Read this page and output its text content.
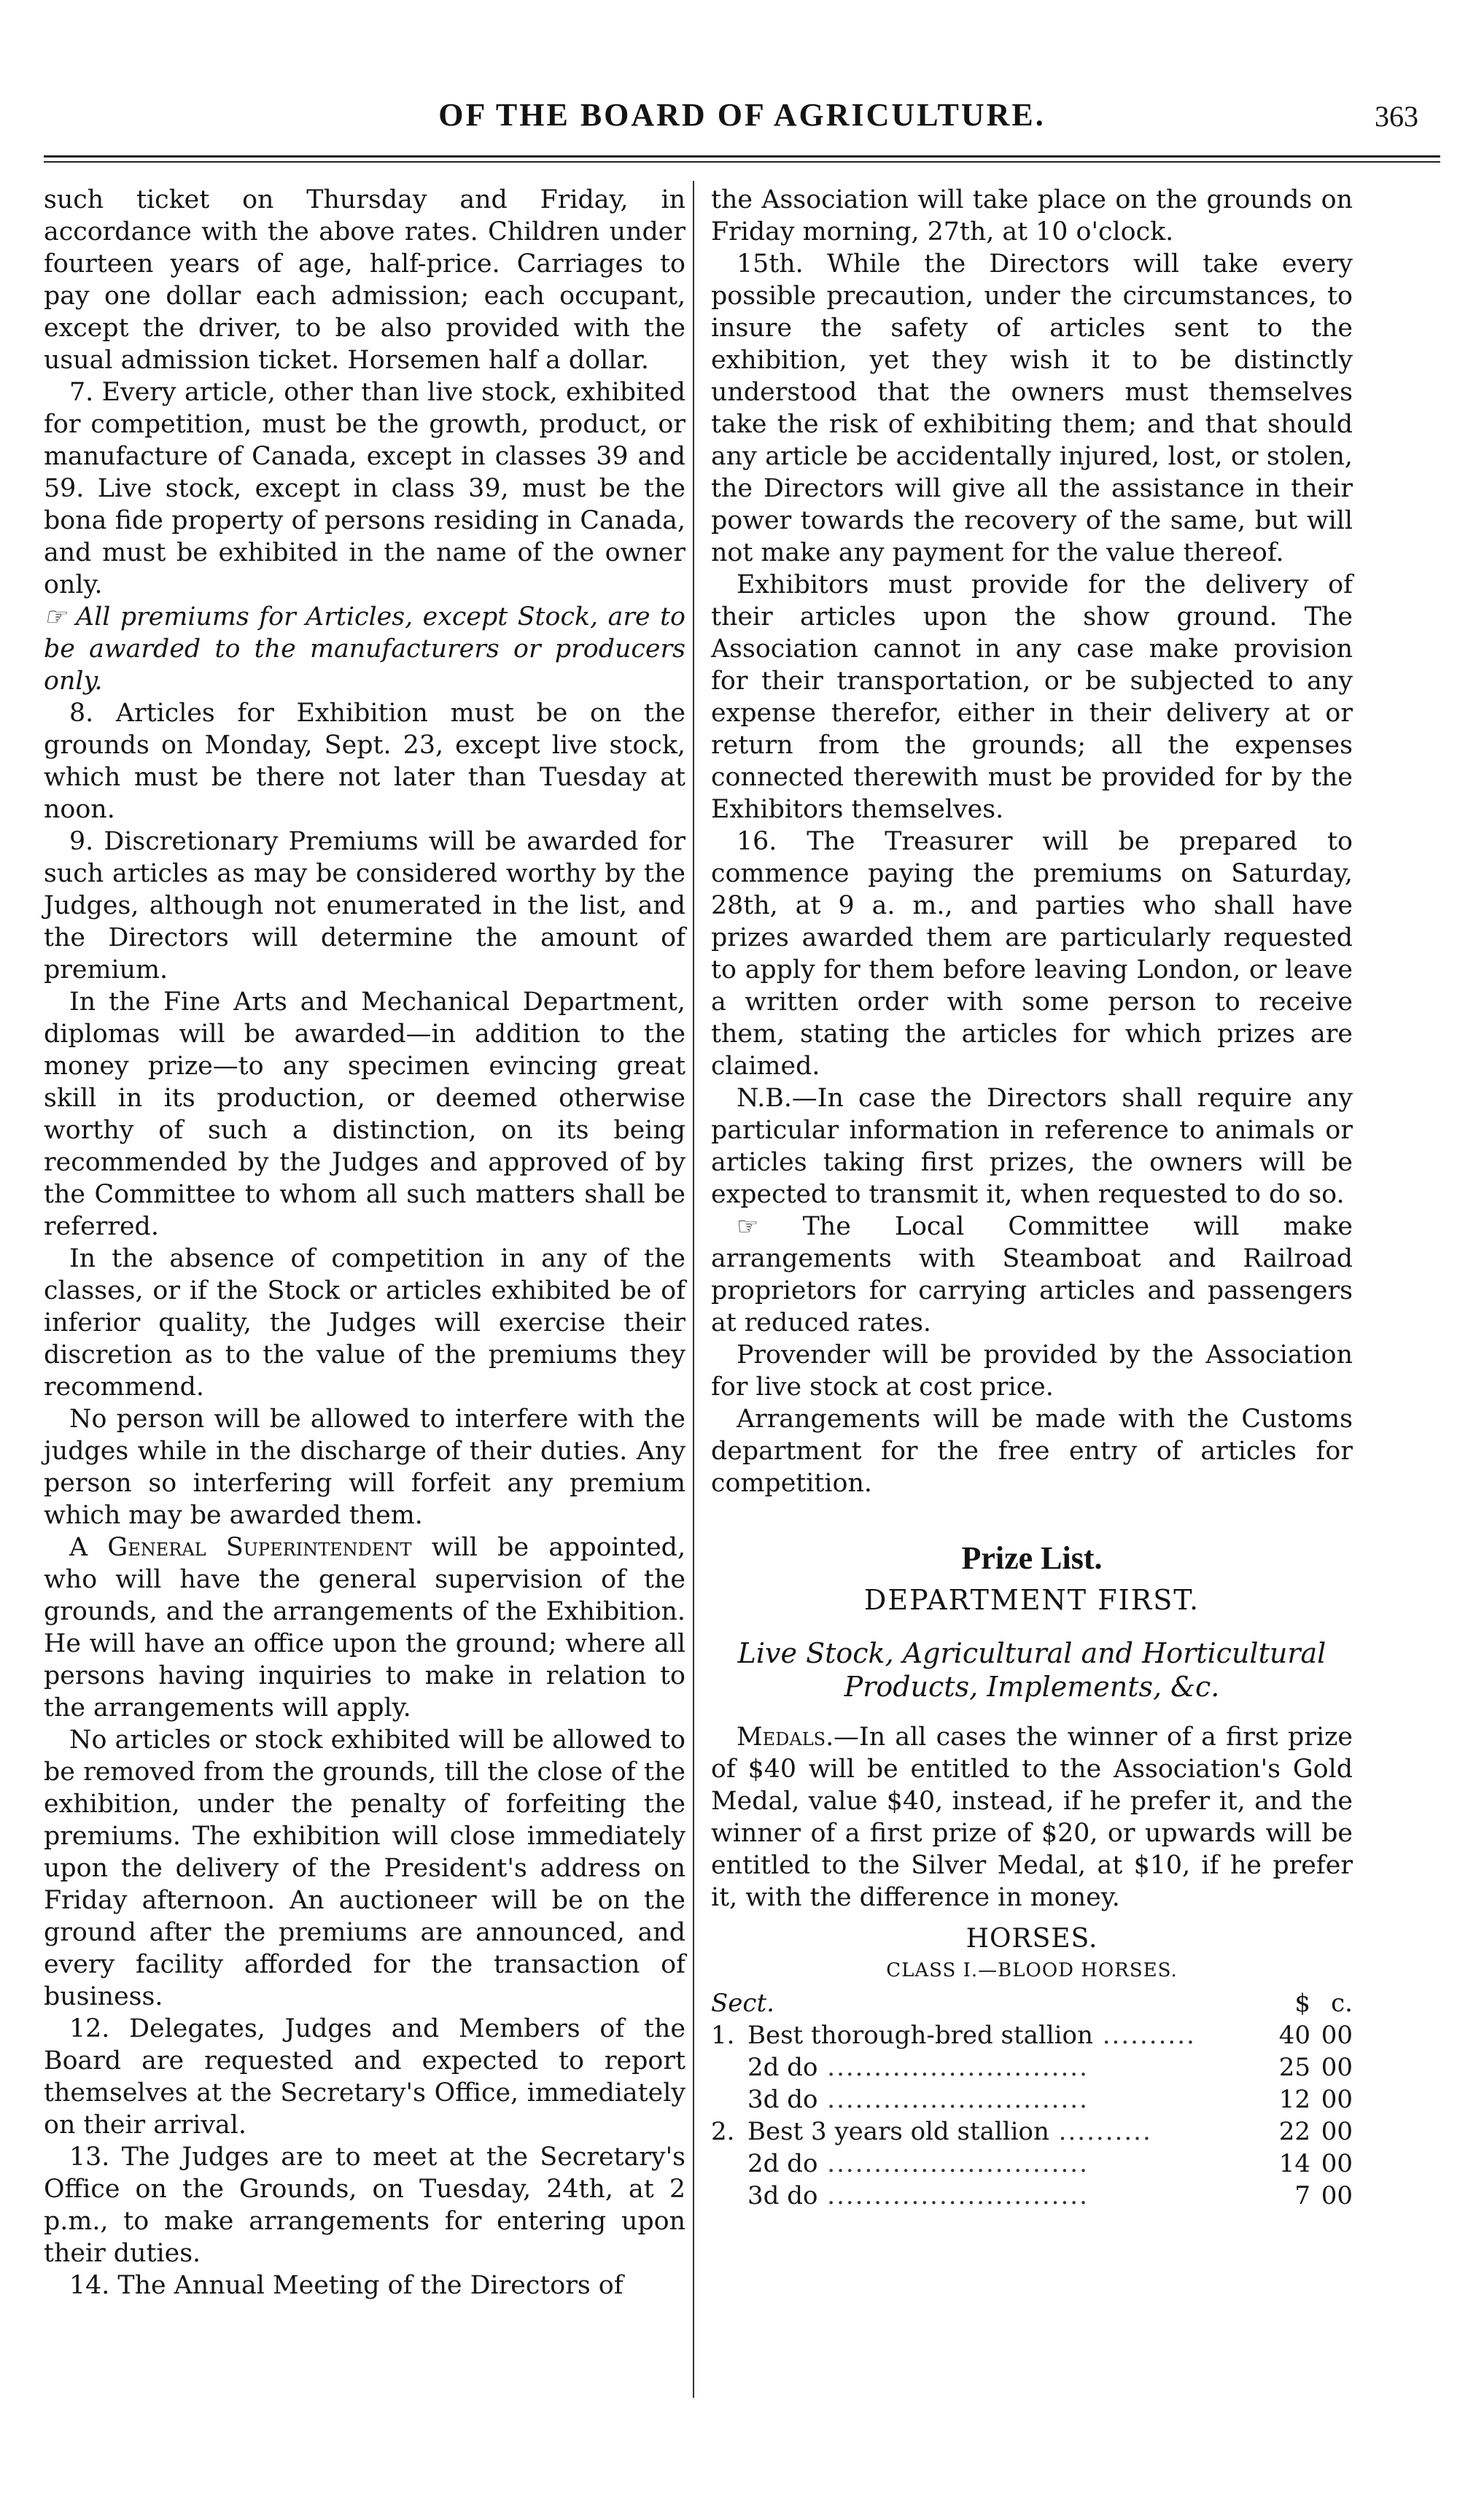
OF THE BOARD OF AGRICULTURE.	363

such ticket on Thursday and Friday, in accordance with the above rates. Children under fourteen years of age, half-price. Carriages to pay one dollar each admission; each occupant, except the driver, to be also provided with the usual admission ticket. Horsemen half a dollar.

7. Every article, other than live stock, exhibited for competition, must be the growth, product, or manufacture of Canada, except in classes 39 and 59. Live stock, except in class 39, must be the bona fide property of persons residing in Canada, and must be exhibited in the name of the owner only.

☞ All premiums for Articles, except Stock, are to be awarded to the manufacturers or producers only.

8. Articles for Exhibition must be on the grounds on Monday, Sept. 23, except live stock, which must be there not later than Tuesday at noon.

9. Discretionary Premiums will be awarded for such articles as may be considered worthy by the Judges, although not enumerated in the list, and the Directors will determine the amount of premium.

In the Fine Arts and Mechanical Department, diplomas will be awarded—in addition to the money prize—to any specimen evincing great skill in its production, or deemed otherwise worthy of such a distinction, on its being recommended by the Judges and approved of by the Committee to whom all such matters shall be referred.

In the absence of competition in any of the classes, or if the Stock or articles exhibited be of inferior quality, the Judges will exercise their discretion as to the value of the premiums they recommend.

No person will be allowed to interfere with the judges while in the discharge of their duties. Any person so interfering will forfeit any premium which may be awarded them.

A General Superintendent will be appointed, who will have the general supervision of the grounds, and the arrangements of the Exhibition. He will have an office upon the ground; where all persons having inquiries to make in relation to the arrangements will apply.

No articles or stock exhibited will be allowed to be removed from the grounds, till the close of the exhibition, under the penalty of forfeiting the premiums. The exhibition will close immediately upon the delivery of the President's address on Friday afternoon. An auctioneer will be on the ground after the premiums are announced, and every facility afforded for the transaction of business.

12. Delegates, Judges and Members of the Board are requested and expected to report themselves at the Secretary's Office, immediately on their arrival.

13. The Judges are to meet at the Secretary's Office on the Grounds, on Tuesday, 24th, at 2 p.m., to make arrangements for entering upon their duties.

14. The Annual Meeting of the Directors of

the Association will take place on the grounds on Friday morning, 27th, at 10 o'clock.

15th. While the Directors will take every possible precaution, under the circumstances, to insure the safety of articles sent to the exhibition, yet they wish it to be distinctly understood that the owners must themselves take the risk of exhibiting them; and that should any article be accidentally injured, lost, or stolen, the Directors will give all the assistance in their power towards the recovery of the same, but will not make any payment for the value thereof.

Exhibitors must provide for the delivery of their articles upon the show ground. The Association cannot in any case make provision for their transportation, or be subjected to any expense therefor, either in their delivery at or return from the grounds; all the expenses connected therewith must be provided for by the Exhibitors themselves.

16. The Treasurer will be prepared to commence paying the premiums on Saturday, 28th, at 9 a. m., and parties who shall have prizes awarded them are particularly requested to apply for them before leaving London, or leave a written order with some person to receive them, stating the articles for which prizes are claimed.

N.B.—In case the Directors shall require any particular information in reference to animals or articles taking first prizes, the owners will be expected to transmit it, when requested to do so.

☞ The Local Committee will make arrangements with Steamboat and Railroad proprietors for carrying articles and passengers at reduced rates.

Provender will be provided by the Association for live stock at cost price.

Arrangements will be made with the Customs department for the free entry of articles for competition.

Prize List.
DEPARTMENT FIRST.
Live Stock, Agricultural and Horticultural Products, Implements, &c.

Medals.—In all cases the winner of a first prize of $40 will be entitled to the Association's Gold Medal, value $40, instead, if he prefer it, and the winner of a first prize of $20, or upwards will be entitled to the Silver Medal, at $10, if he prefer it, with the difference in money.

HORSES.
CLASS I.—BLOOD HORSES.
Sect.		$	c.
1.	Best thorough-bred stallion ..........	40	00
	2d do ............................	25	00
	3d do ............................	12	00
2.	Best 3 years old stallion ..........	22	00
	2d do ............................	14	00
	3d do ............................	7	00
